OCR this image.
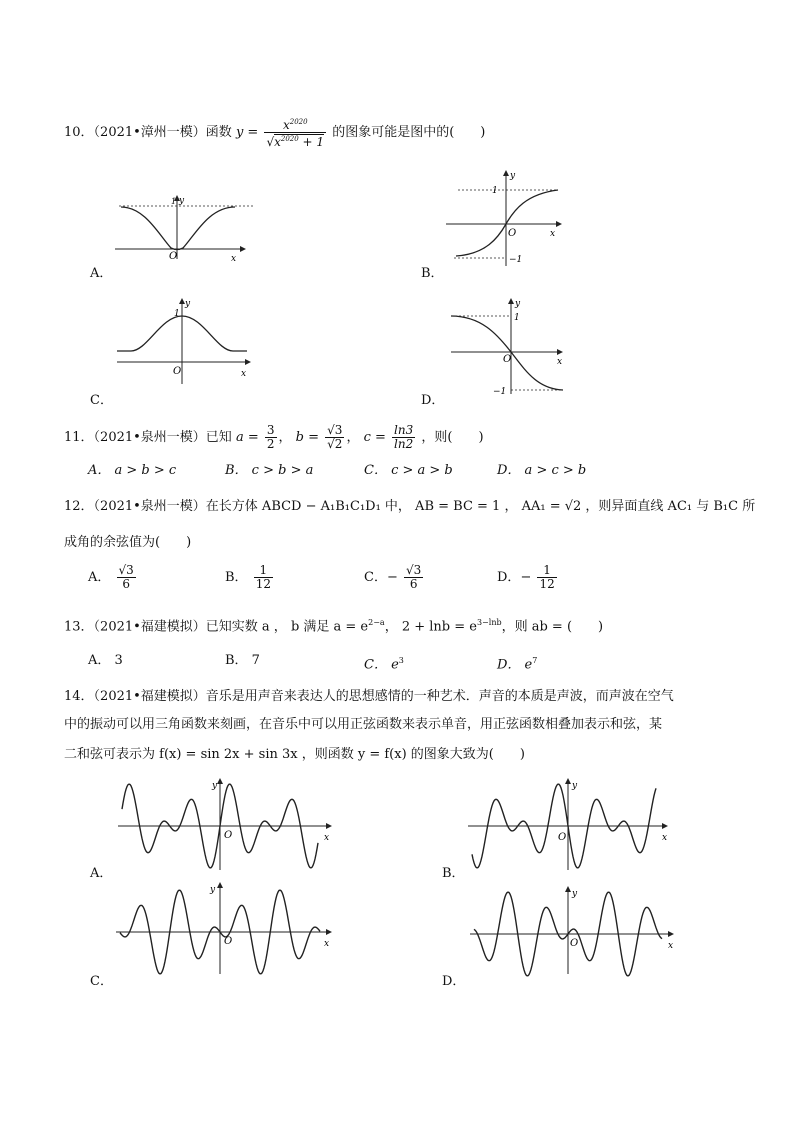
10．（2021•漳州一模）函数 $y = \frac{x^{2020}}{√x^{2020} + 1}$ 的图象可能是图中的(　　)
O	x
y
1
A．
O	x
y
1
−1
B．
O	x
y
1
C．
O	x
y
1
−1
D．
11．（2021•泉州一模）已知 $a = \frac{3}{2}$ ， $b = \frac{√3}{√2}$ ， $c = \frac{\ln 3}{\ln 2}$ ，则(　　)
A． a > b > c	B． c > b > a	C． c > a > b	D． a > c > b
12．（2021•泉州一模）在长方体 ABCD − A₁B₁C₁D₁ 中， AB = BC = 1 ， AA₁ = √2 ，则异面直线 AC₁ 与 B₁C 所
成角的余弦值为(　　)
A． $\frac{√3}{6}$	B． $\frac{1}{12}$	C．− $\frac{√3}{6}$	D．− $\frac{1}{12}$
13．（2021•福建模拟）已知实数 a ， b 满足 $a = e^{2-a}$， $2 + \ln b = e^{3-lnb}$，则 ab = (　　)
A． 3	B． 7	C． $e^3$	D． $e^7$
14．（2021•福建模拟）音乐是用声音来表达人的思想感情的一种艺术．声音的本质是声波，而声波在空气
中的振动可以用三角函数来刻画，在音乐中可以用正弦函数来表示单音，用正弦函数相叠加表示和弦，某
二和弦可表示为 f(x) = sin 2x + sin 3x ，则函数 y = f(x) 的图象大致为(　　)
O	x
y
A．
O	x
y
B．
O	x
y
C．
O	x
y
D．
